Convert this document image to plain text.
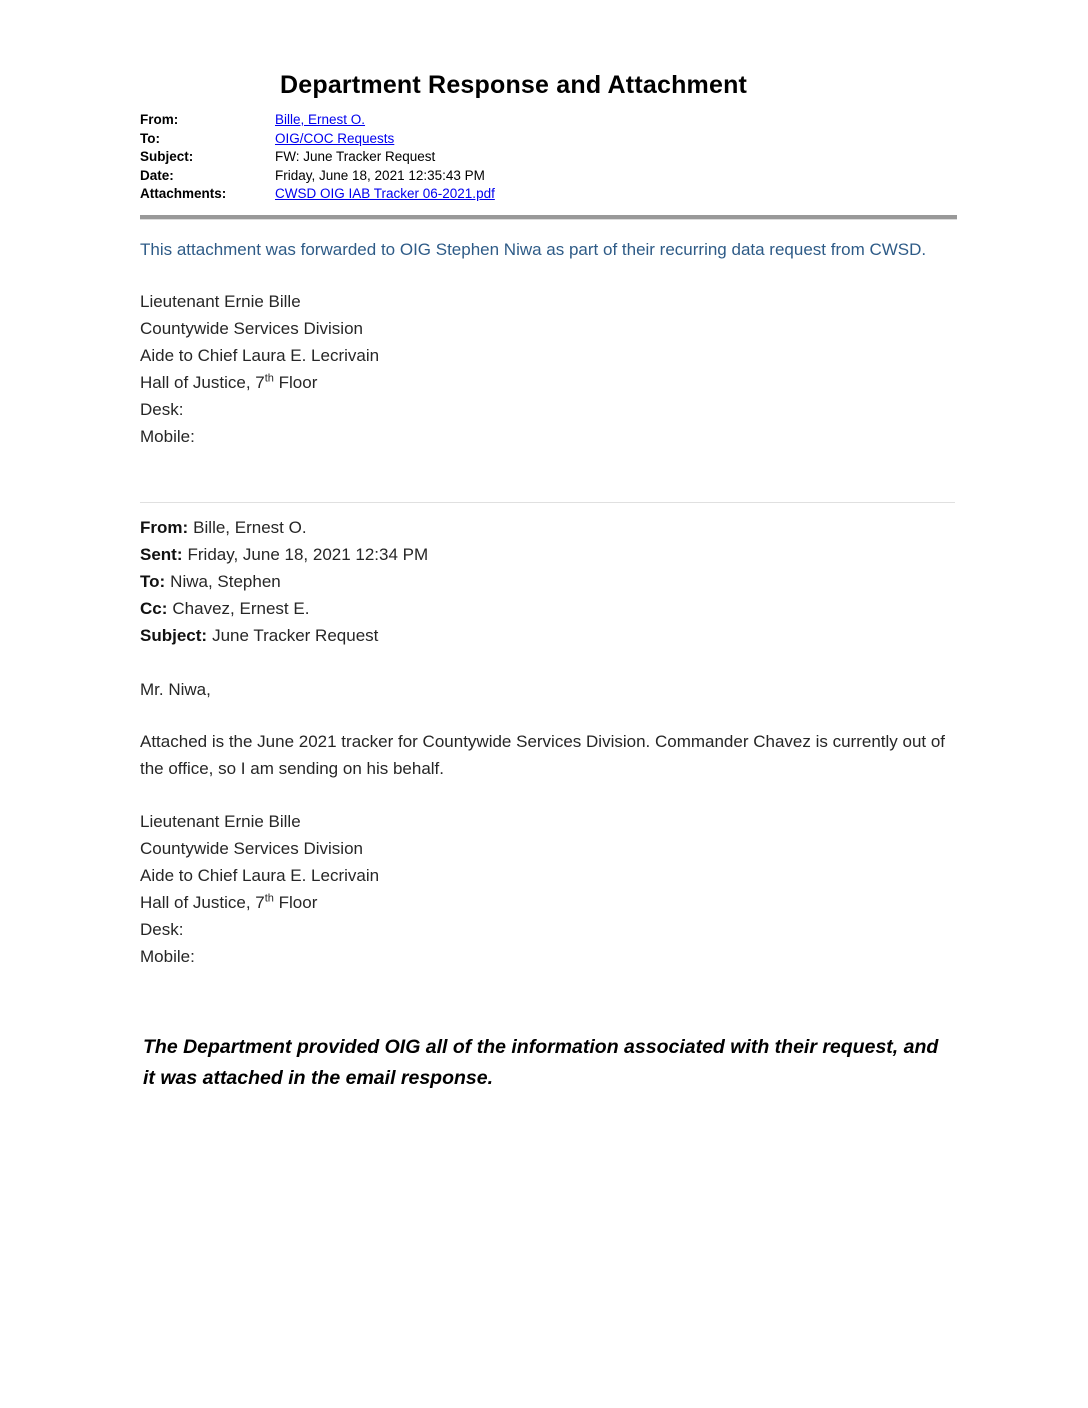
Department Response and Attachment
From:	Bille, Ernest O.
To:	OIG/COC Requests
Subject:	FW: June Tracker Request
Date:	Friday, June 18, 2021 12:35:43 PM
Attachments:	CWSD OIG IAB Tracker 06-2021.pdf

This attachment was forwarded to OIG Stephen Niwa as part of their recurring data request from CWSD.

Lieutenant Ernie Bille

Countywide Services Division

Aide to Chief Laura E. Lecrivain

Hall of Justice, 7th Floor

Desk:

Mobile:

From: Bille, Ernest O.

Sent: Friday, June 18, 2021 12:34 PM

To: Niwa, Stephen

Cc: Chavez, Ernest E.

Subject: June Tracker Request

Mr. Niwa,

Attached is the June 2021 tracker for Countywide Services Division. Commander Chavez is currently out of the office, so I am sending on his behalf.

Lieutenant Ernie Bille

Countywide Services Division

Aide to Chief Laura E. Lecrivain

Hall of Justice, 7th Floor

Desk:

Mobile:

The Department provided OIG all of the information associated with their request, and

it was attached in the email response.
